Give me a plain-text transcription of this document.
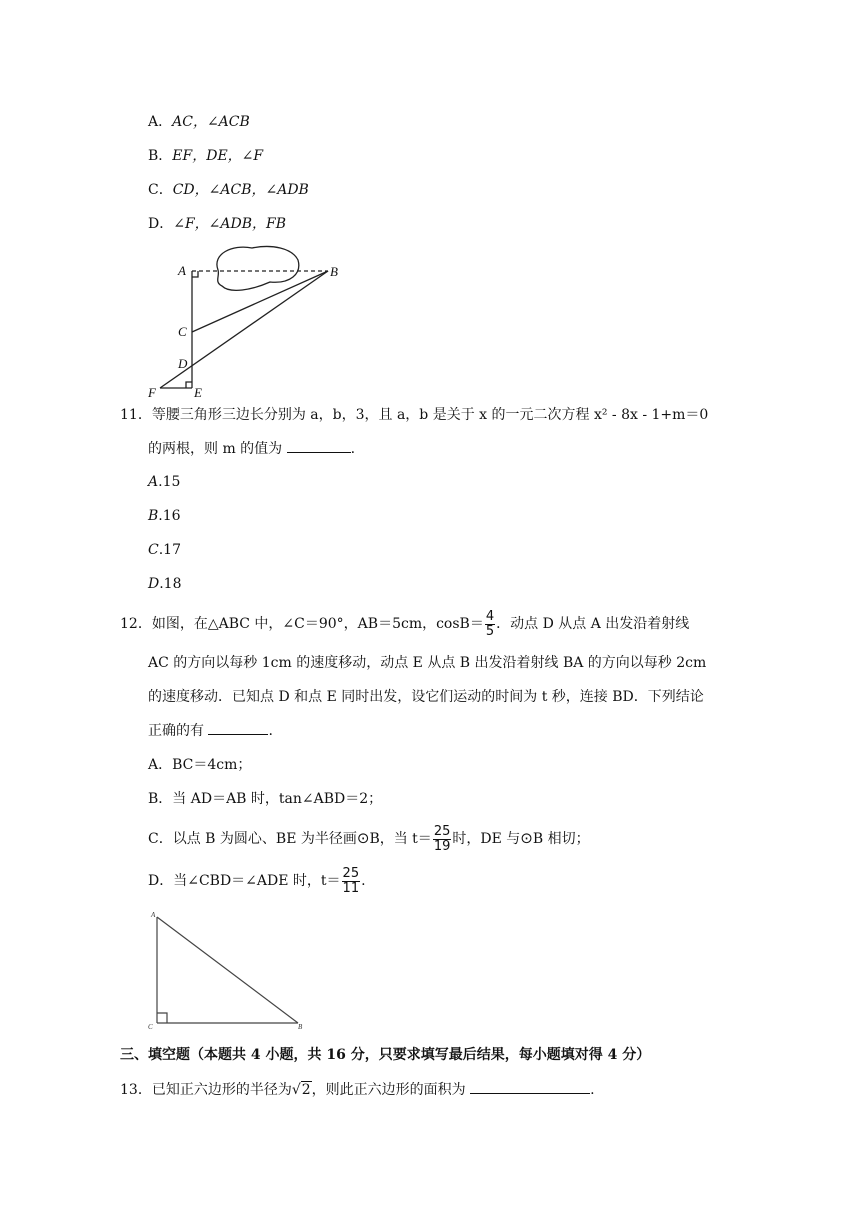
A．AC，∠ACB
B．EF，DE，∠F
C．CD，∠ACB，∠ADB
D．∠F，∠ADB，FB
A	B
C
D
E
F
11．等腰三角形三边长分别为 a，b，3，且 a，b 是关于 x 的一元二次方程 x² ‑ 8x ‑ 1+m＝0
的两根，则 m 的值为	.
A.15
B.16
C.17
D.18
12．如图，在△ABC 中，∠C＝90°，AB＝5cm，$\cos B= \frac{4}{5}$ ．动点 D 从点 A 出发沿着射线
AC 的方向以每秒 1cm 的速度移动，动点 E 从点 B 出发沿着射线 BA 的方向以每秒 2cm
的速度移动．已知点 D 和点 E 同时出发，设它们运动的时间为 t 秒，连接 BD．下列结论
正确的有	.
A．BC＝4cm；
B．当 AD＝AB 时，tan∠ABD＝2；
C．以点 B 为圆心、BE 为半径画⊙B，当 $t= \frac{25}{19}$ 时，DE 与⊙B 相切；
D．当∠CBD＝∠ADE 时，$t= \frac{25}{11}$ .
A
C	B
三、填空题（本题共 4 小题，共 16 分，只要求填写最后结果，每小题填对得 4 分）
13．已知正六边形的半径为√2，则此正六边形的面积为	.
